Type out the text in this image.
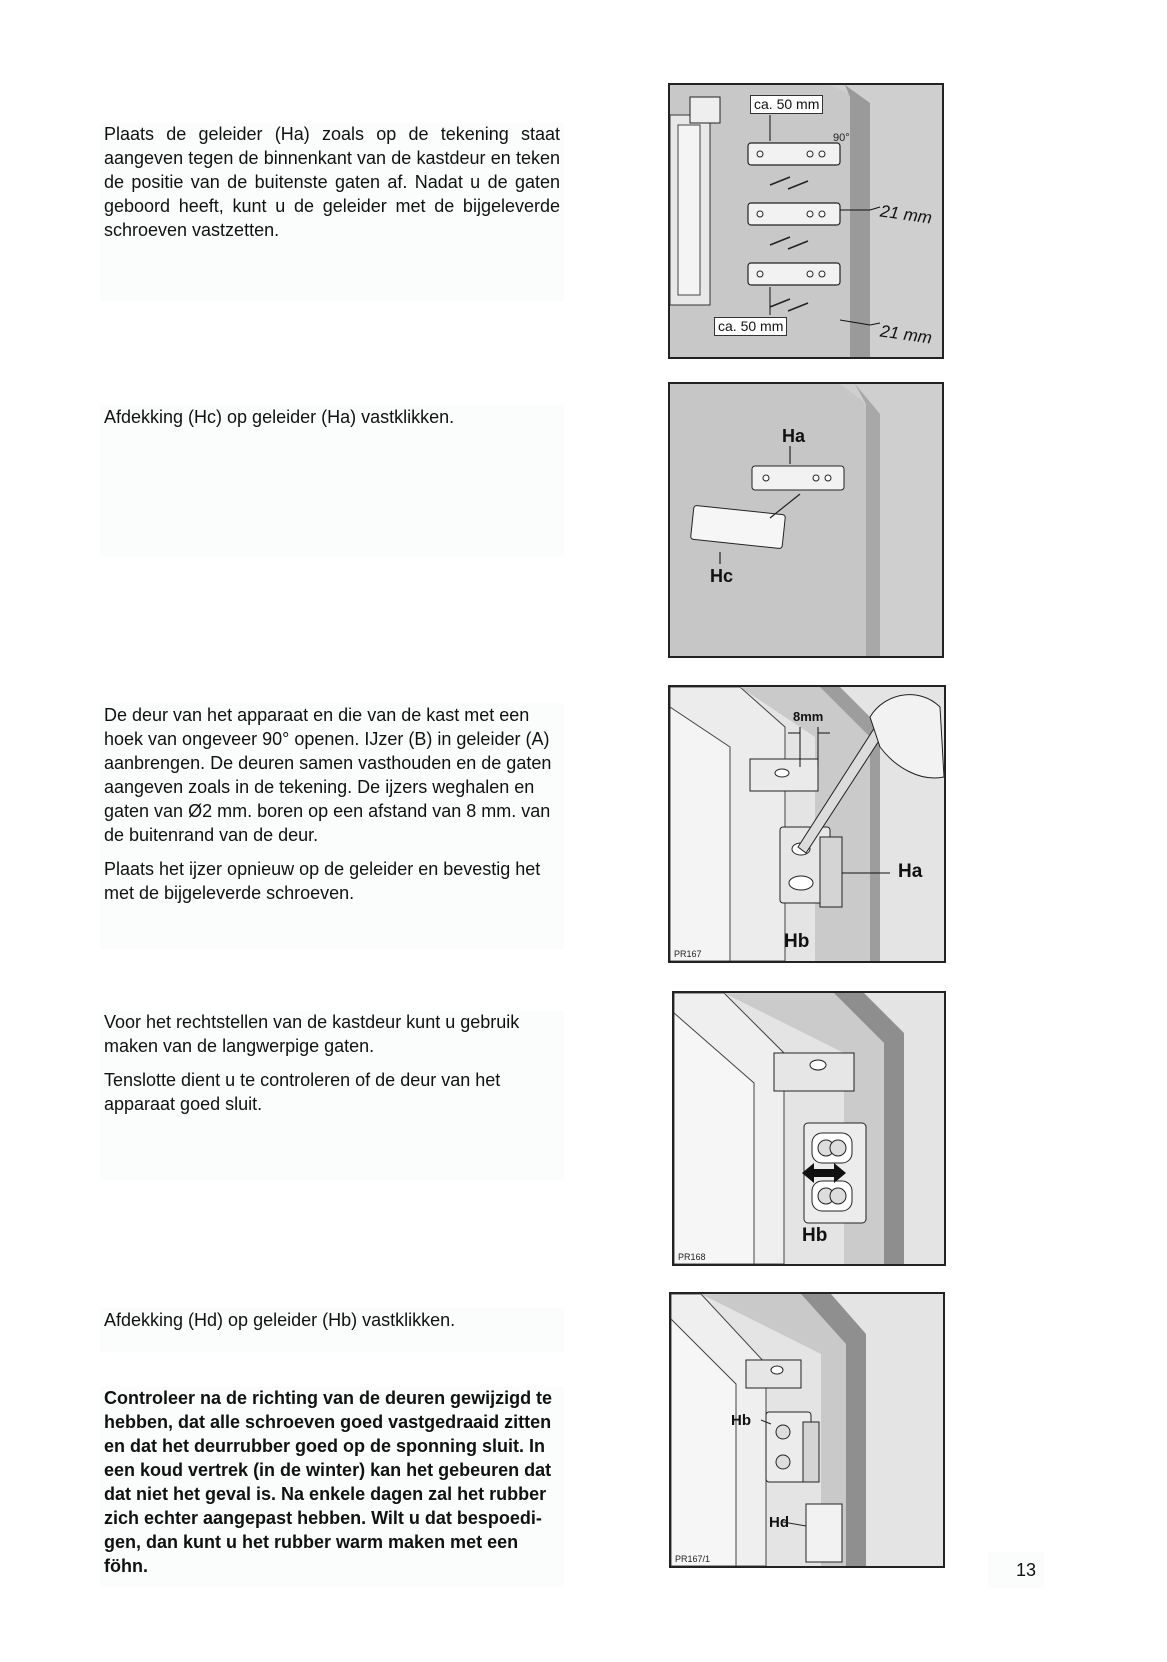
Plaats de geleider (Ha) zoals op de tekening staat aangeven tegen de binnenkant van de kastdeur en teken de positie van de buitenste gaten af. Nadat u de gaten geboord heeft, kunt u de geleider met de bijgeleverde schroeven vastzetten.

ca. 50 mm
90°
21 mm
ca. 50 mm	21 mm

Afdekking (Hc) op geleider (Ha) vastklikken.

Ha
Hc

De deur van het apparaat en die van de kast met een hoek van ongeveer 90° openen. IJzer (B) in geleider (A) aanbrengen. De deuren samen vasthouden en de gaten aangeven zoals in de tekening. De ijzers weghalen en gaten van Ø2 mm. boren op een afstand van 8 mm. van de buitenrand van de deur.

Plaats het ijzer opnieuw op de geleider en bevestig het met de bijgeleverde schroeven.

8mm
Ha
Hb
PR167

Voor het rechtstellen van de kastdeur kunt u gebruik maken van de langwerpige gaten.

Tenslotte dient u te controleren of de deur van het apparaat goed sluit.

Hb
PR168

Afdekking (Hd) op geleider (Hb) vastklikken.

Controleer na de richting van de deuren gewijzigd te hebben, dat alle schroeven goed vastgedraaid zitten en dat het deurrubber goed op de sponning sluit. In een koud vertrek (in de winter) kan het gebeuren dat dat niet het geval is. Na enkele dagen zal het rubber zich echter aangepast hebben. Wilt u dat bespoedi-gen, dan kunt u het rubber warm maken met een föhn.

Hb
Hd
PR167/1
13
